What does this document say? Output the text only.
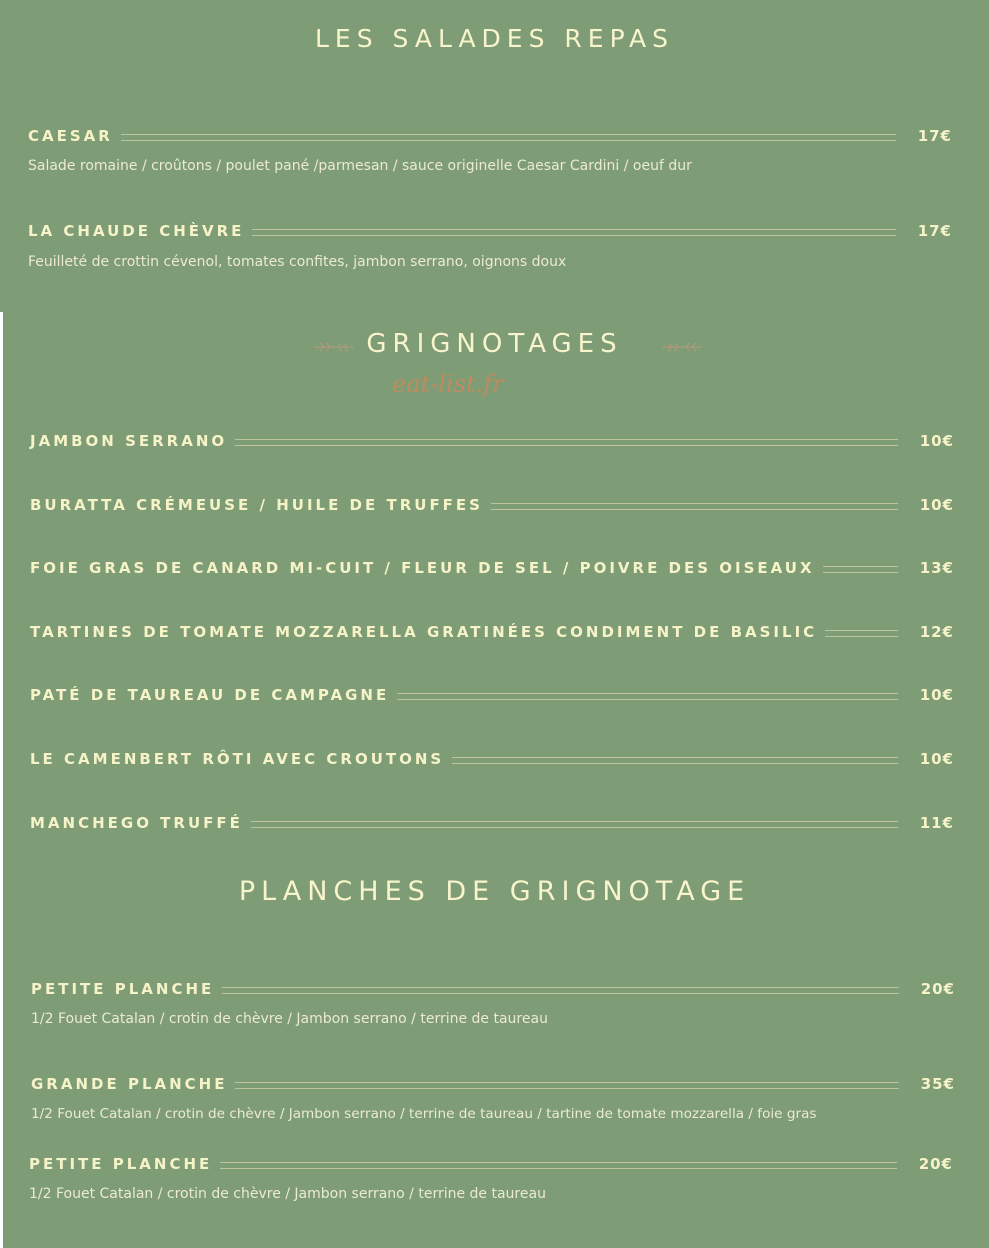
LES SALADES REPAS
CAESAR	17€
Salade romaine / croûtons / poulet pané /parmesan / sauce originelle Caesar Cardini / oeuf dur
LA CHAUDE CHÈVRE	17€
Feuilleté de crottin cévenol, tomates confites, jambon serrano, oignons doux
GRIGNOTAGES
eat-list.fr
JAMBON SERRANO	10€
BURATTA CRÉMEUSE / HUILE DE TRUFFES	10€
FOIE GRAS DE CANARD MI-CUIT / FLEUR DE SEL / POIVRE DES OISEAUX	13€
TARTINES DE TOMATE MOZZARELLA GRATINÉES CONDIMENT DE BASILIC	12€
PATÉ DE TAUREAU DE CAMPAGNE	10€
LE CAMENBERT RÔTI AVEC CROUTONS	10€
MANCHEGO TRUFFÉ	11€
PLANCHES DE GRIGNOTAGE
PETITE PLANCHE	20€
1/2 Fouet Catalan / crotin de chèvre / Jambon serrano / terrine de taureau
GRANDE PLANCHE	35€
1/2 Fouet Catalan / crotin de chèvre / Jambon serrano / terrine de taureau / tartine de tomate mozzarella / foie gras
PETITE PLANCHE	20€
1/2 Fouet Catalan / crotin de chèvre / Jambon serrano / terrine de taureau
